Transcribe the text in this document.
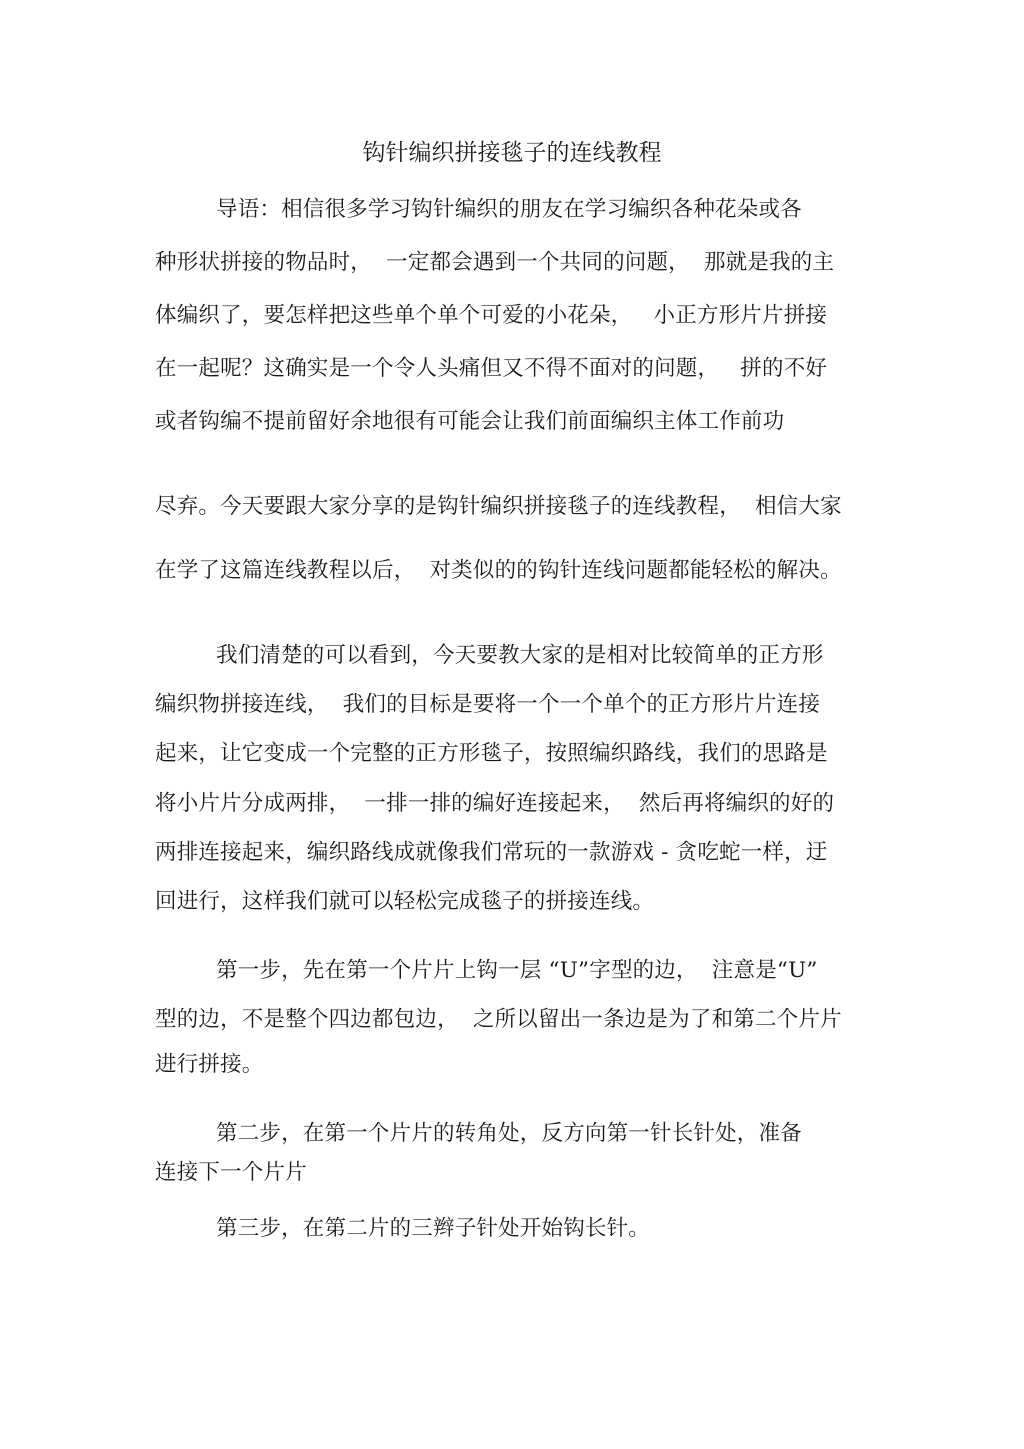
钩针编织拼接毯子的连线教程
导语：相信很多学习钩针编织的朋友在学习编织各种花朵或各
种形状拼接的物品时，  一定都会遇到一个共同的问题，  那就是我的主
体编织了，要怎样把这些单个单个可爱的小花朵，   小正方形片片拼接
在一起呢？这确实是一个令人头痛但又不得不面对的问题，   拼的不好
或者钩编不提前留好余地很有可能会让我们前面编织主体工作前功
尽弃。今天要跟大家分享的是钩针编织拼接毯子的连线教程，  相信大家
在学了这篇连线教程以后，  对类似的的钩针连线问题都能轻松的解决。
我们清楚的可以看到，今天要教大家的是相对比较简单的正方形
编织物拼接连线，  我们的目标是要将一个一个单个的正方形片片连接
起来，让它变成一个完整的正方形毯子，按照编织路线，我们的思路是
将小片片分成两排，  一排一排的编好连接起来，  然后再将编织的好的
两排连接起来，编织路线成就像我们常玩的一款游戏 - 贪吃蛇一样，迂
回进行，这样我们就可以轻松完成毯子的拼接连线。
第一步，先在第一个片片上钩一层 “U”字型的边，  注意是“U”
型的边，不是整个四边都包边，  之所以留出一条边是为了和第二个片片
进行拼接。
第二步，在第一个片片的转角处，反方向第一针长针处，准备
连接下一个片片
第三步，在第二片的三辫子针处开始钩长针。
